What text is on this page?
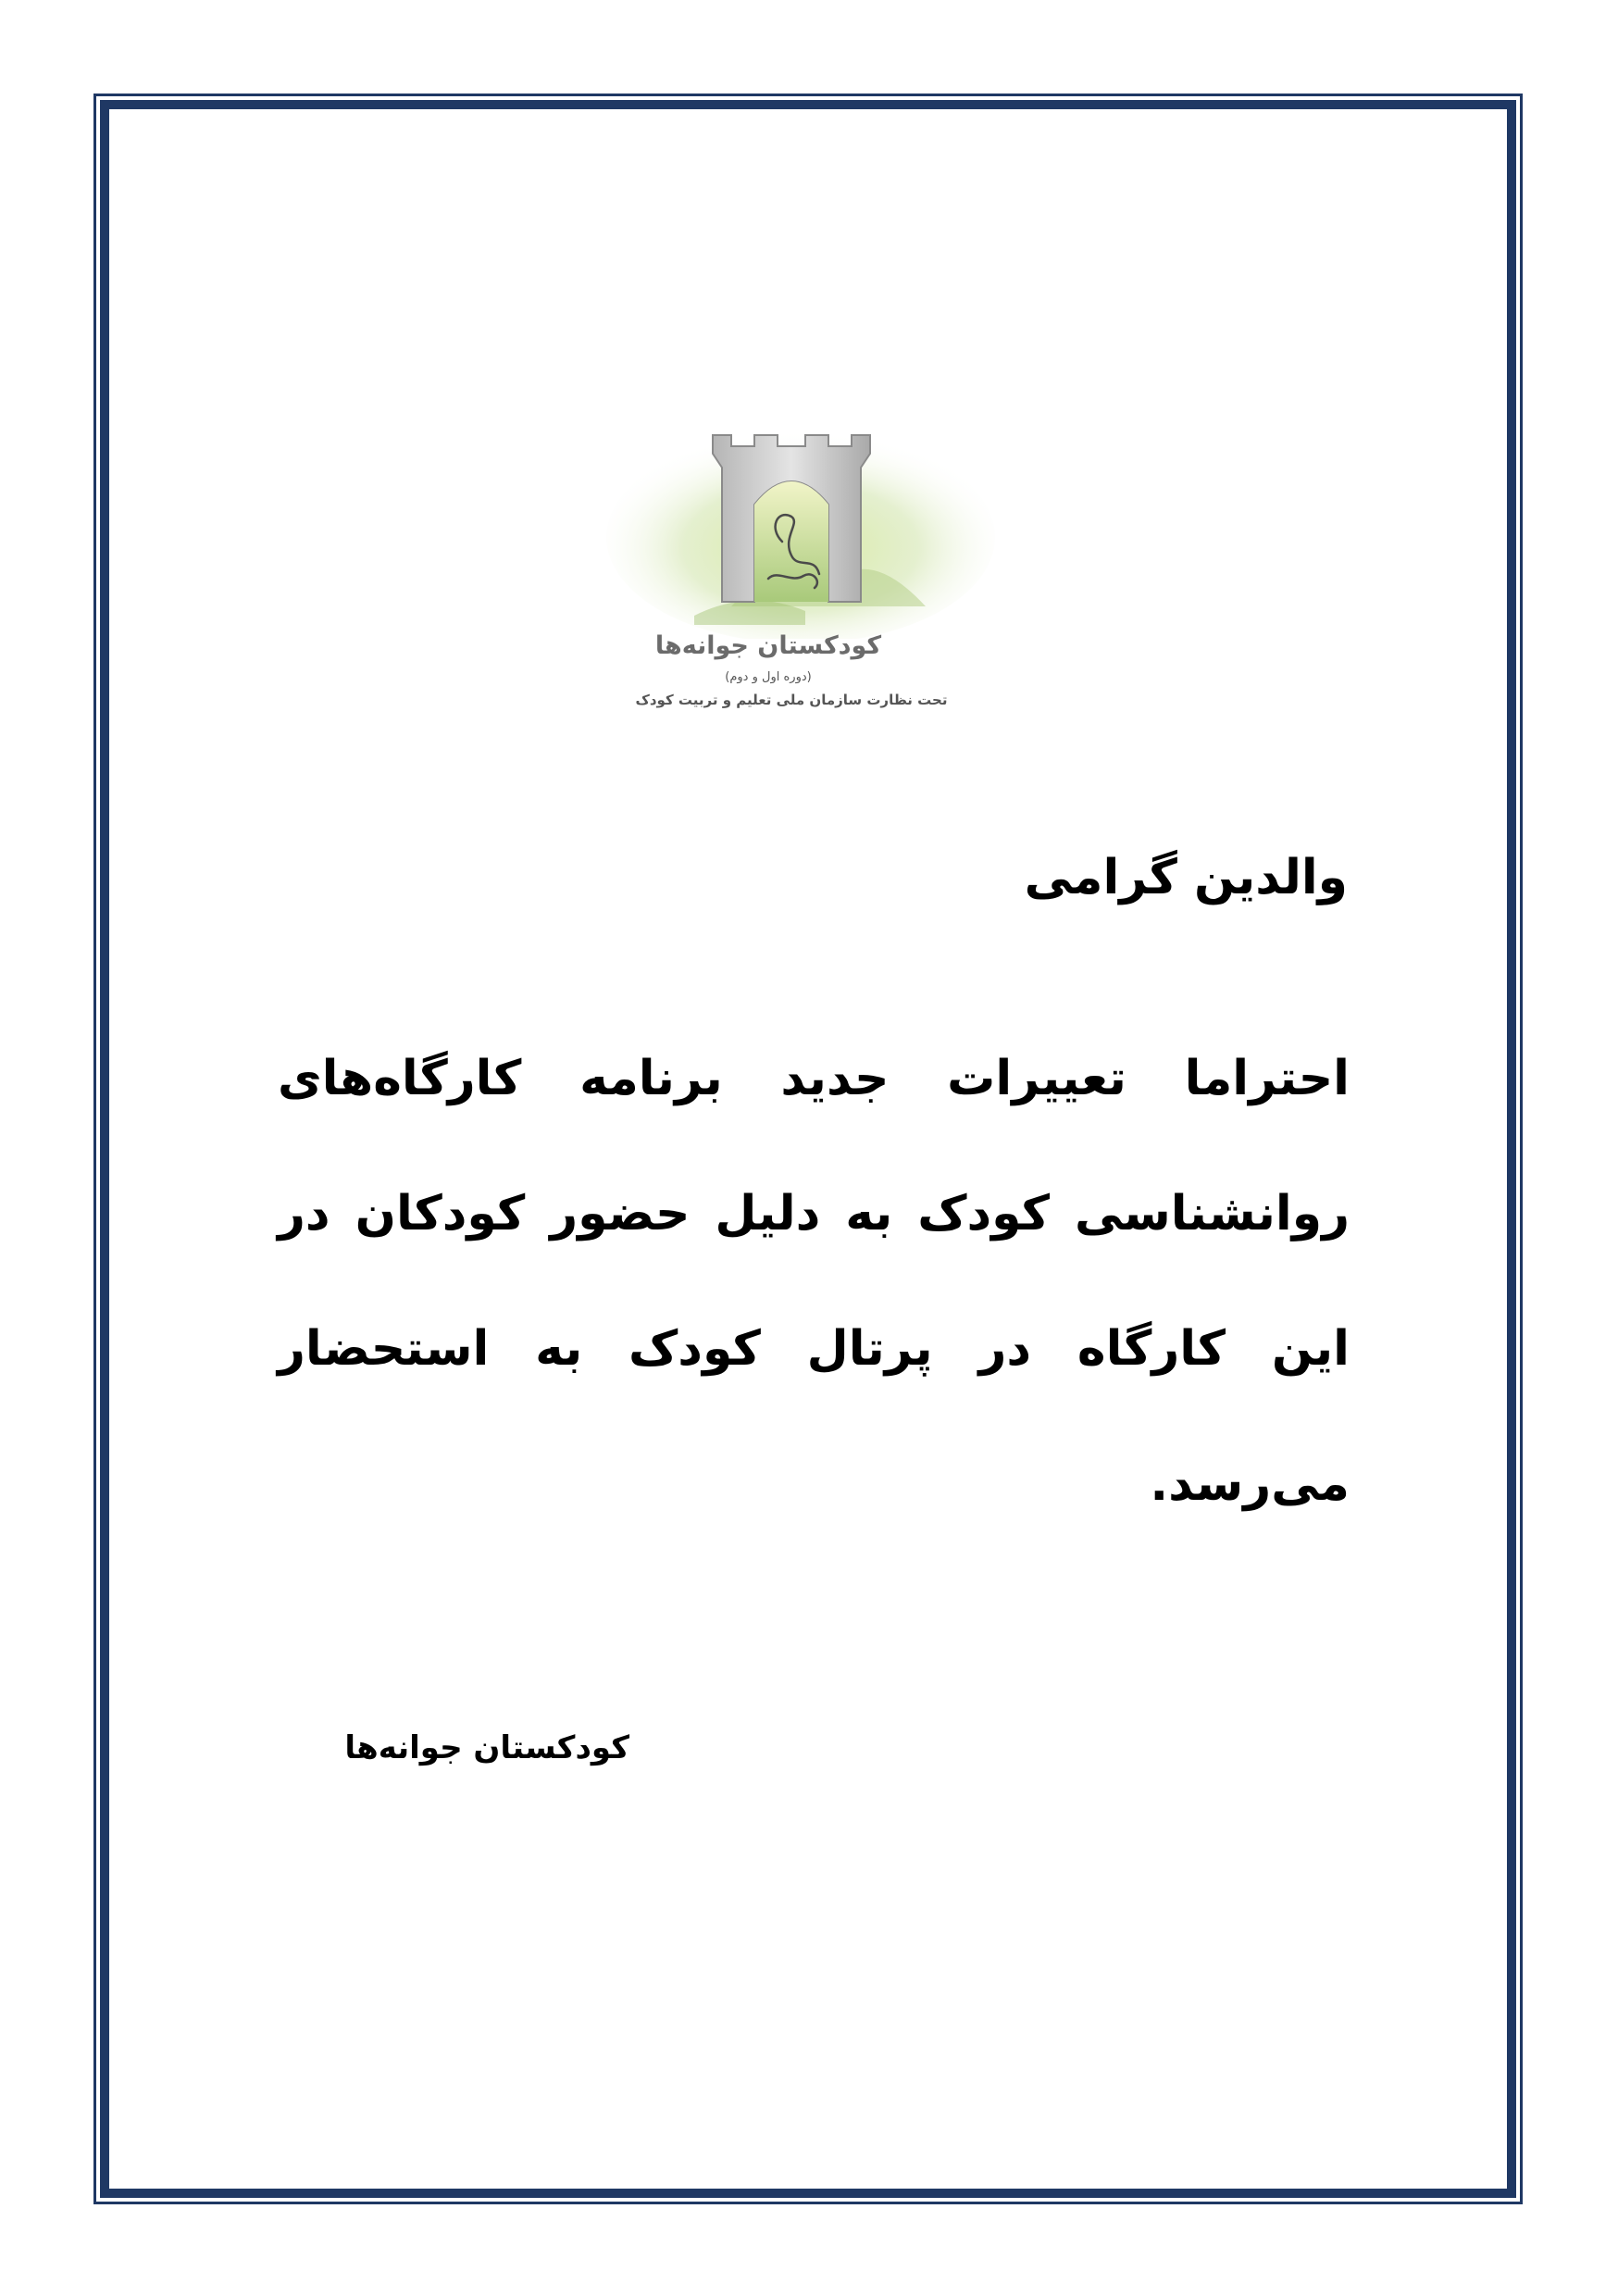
کودکستان جوانه‌ها
(دوره اول و دوم)
تحت نظارت سازمان ملی تعلیم و تربیت کودک
والدین گرامی
احتراما تعییرات جدید برنامه کارگاه‌های روانشناسی کودک به دلیل حضور کودکان در این کارگاه در پرتال کودک به استحضار می‌رسد.
کودکستان جوانه‌ها
